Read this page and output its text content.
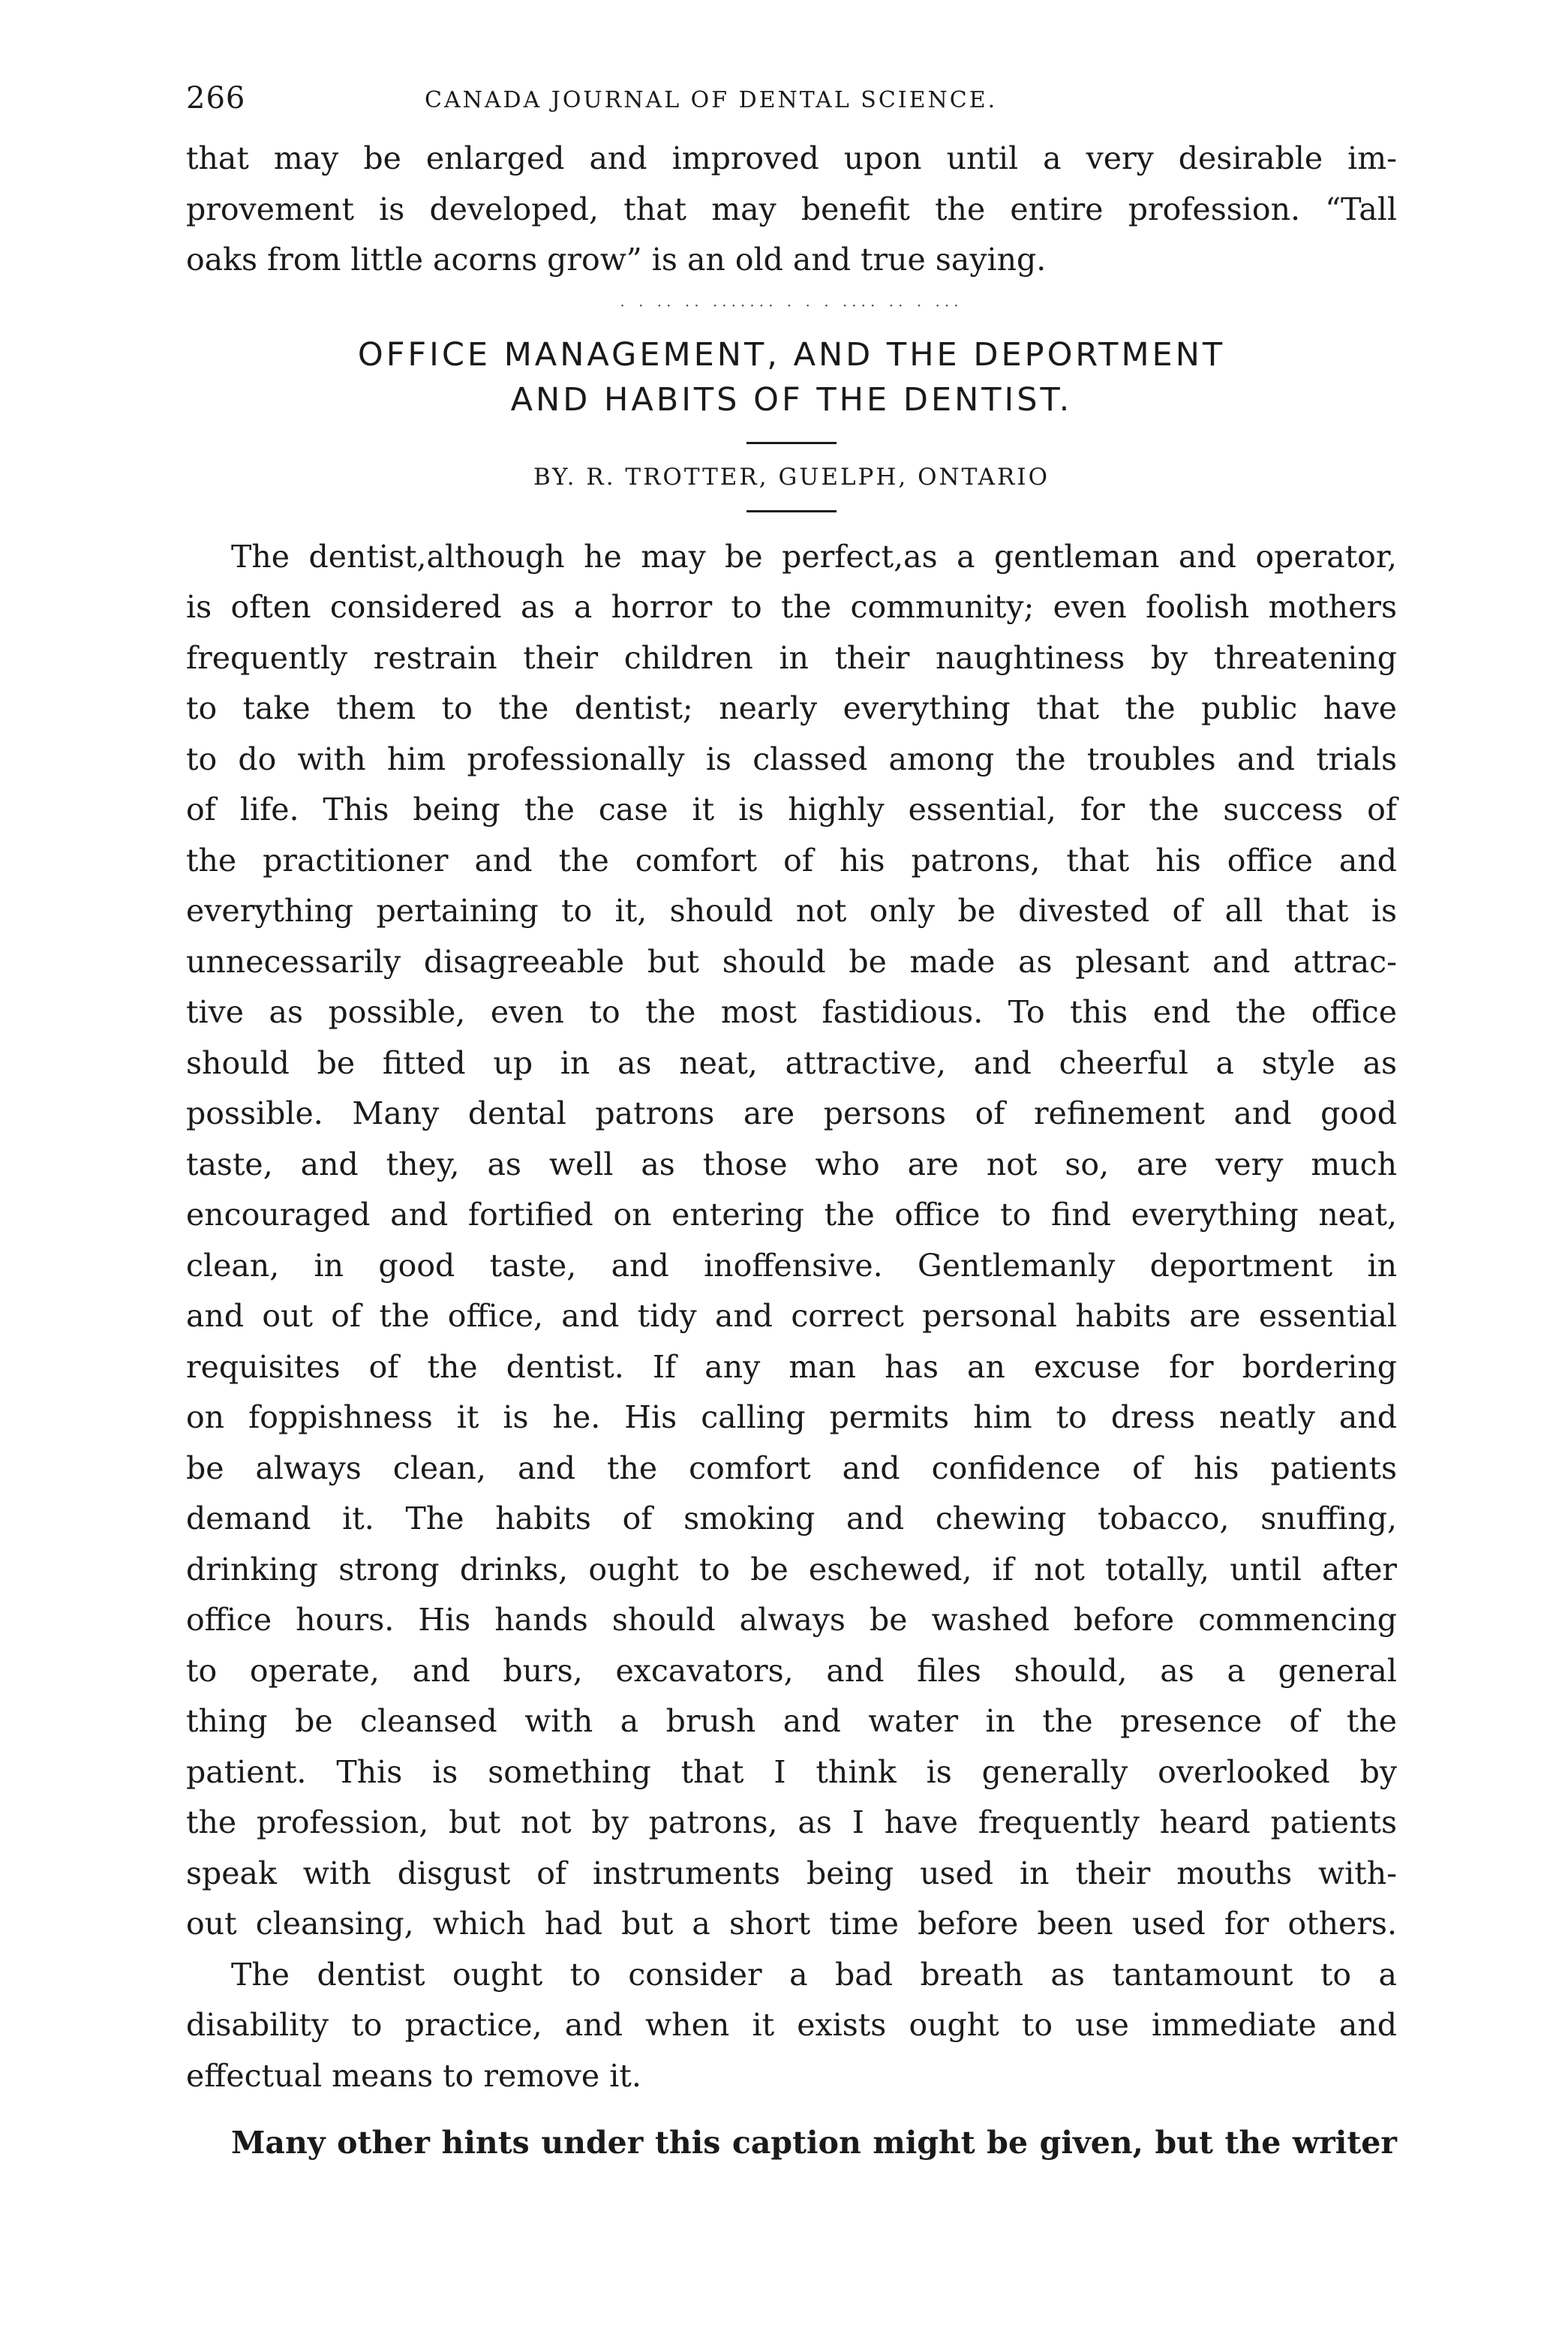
266	CANADA JOURNAL OF DENTAL SCIENCE.

that may be enlarged and improved upon until a very desirable im-

provement is developed, that may benefit the entire profession. “Tall

oaks from little acorns grow” is an old and true saying.

· · ·· ·· ······· · · · ···· ·· · ···
OFFICE MANAGEMENT, AND THE DEPORTMENT
AND HABITS OF THE DENTIST.
BY. R. TROTTER, GUELPH, ONTARIO

The dentist,although he may be perfect,as a gentleman and operator,

is often considered as a horror to the community; even foolish mothers

frequently restrain their children in their naughtiness by threatening

to take them to the dentist; nearly everything that the public have

to do with him professionally is classed among the troubles and trials

of life. This being the case it is highly essential, for the success of

the practitioner and the comfort of his patrons, that his office and

everything pertaining to it, should not only be divested of all that is

unnecessarily disagreeable but should be made as plesant and attrac-

tive as possible, even to the most fastidious. To this end the office

should be fitted up in as neat, attractive, and cheerful a style as

possible. Many dental patrons are persons of refinement and good

taste, and they, as well as those who are not so, are very much

encouraged and fortified on entering the office to find everything neat,

clean, in good taste, and inoffensive. Gentlemanly deportment in

and out of the office, and tidy and correct personal habits are essential

requisites of the dentist. If any man has an excuse for bordering

on foppishness it is he. His calling permits him to dress neatly and

be always clean, and the comfort and confidence of his patients

demand it. The habits of smoking and chewing tobacco, snuffing,

drinking strong drinks, ought to be eschewed, if not totally, until after

office hours. His hands should always be washed before commencing

to operate, and burs, excavators, and files should, as a general

thing be cleansed with a brush and water in the presence of the

patient. This is something that I think is generally overlooked by

the profession, but not by patrons, as I have frequently heard patients

speak with disgust of instruments being used in their mouths with-

out cleansing, which had but a short time before been used for others.

The dentist ought to consider a bad breath as tantamount to a

disability to practice, and when it exists ought to use immediate and

effectual means to remove it.

Many other hints under this caption might be given, but the writer
